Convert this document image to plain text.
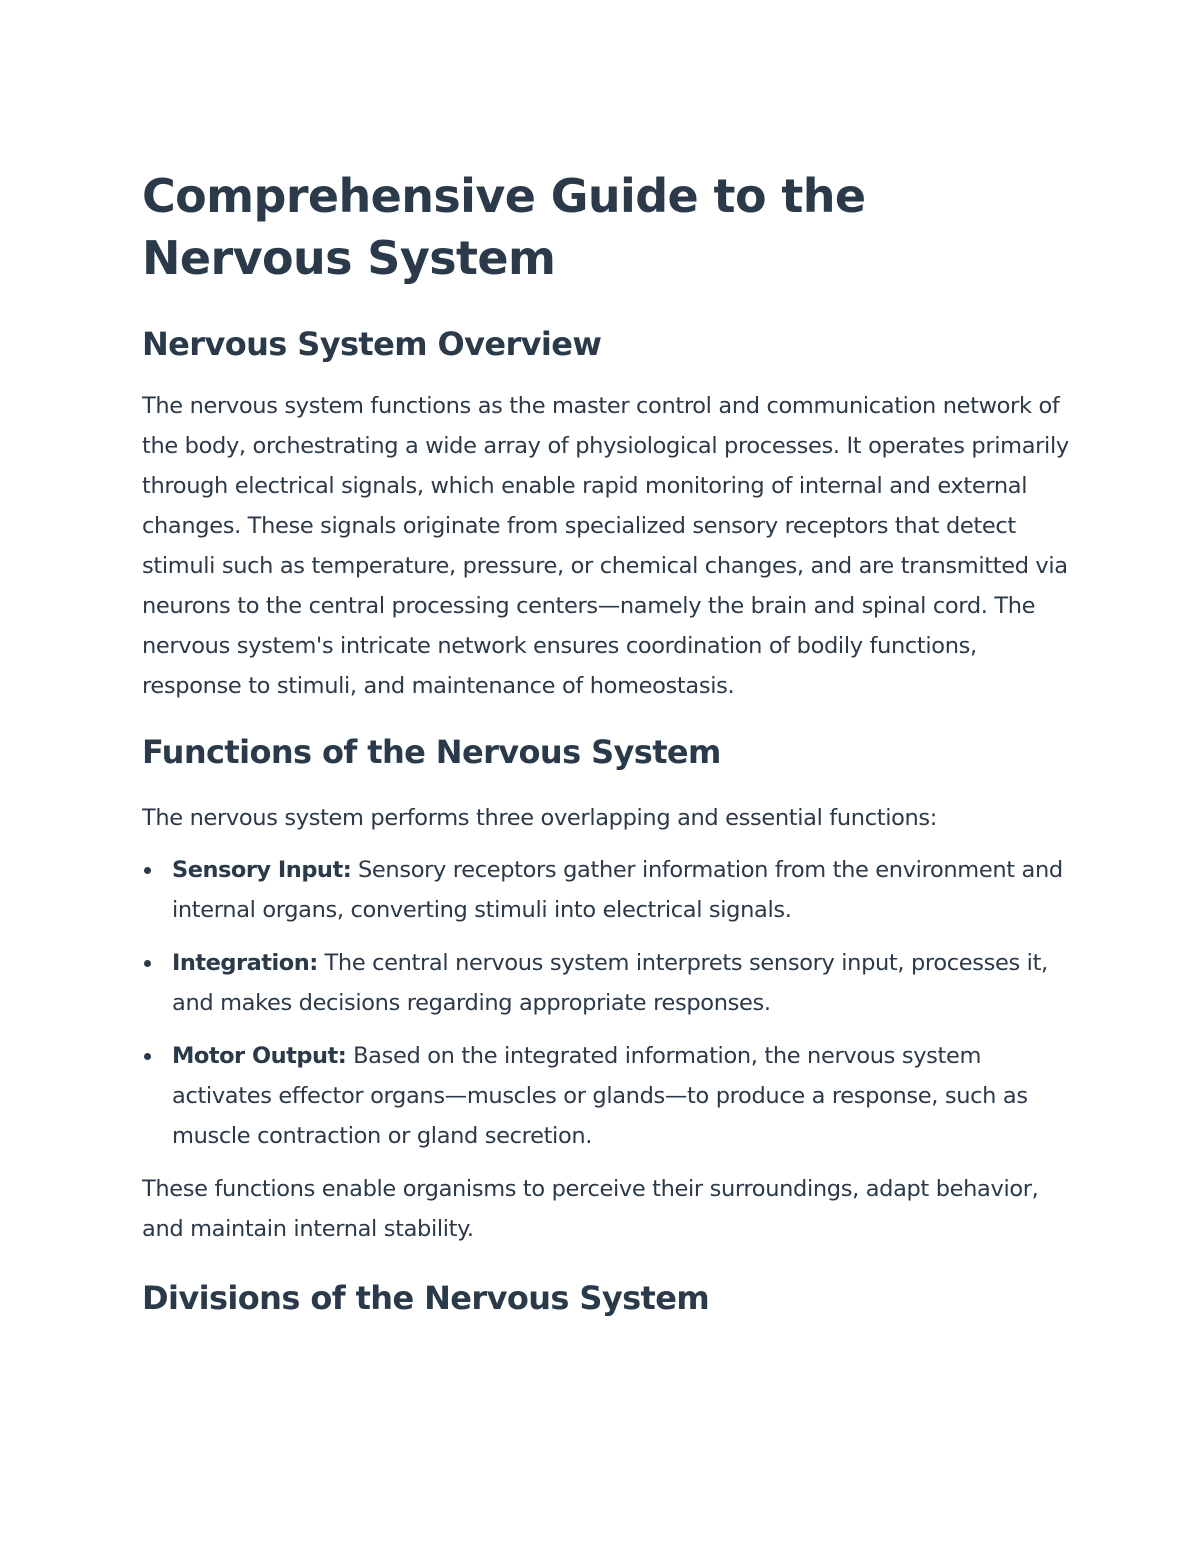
Comprehensive Guide to the Nervous System
Nervous System Overview

The nervous system functions as the master control and communication network of the body, orchestrating a wide array of physiological processes. It operates primarily through electrical signals, which enable rapid monitoring of internal and external changes. These signals originate from specialized sensory receptors that detect stimuli such as temperature, pressure, or chemical changes, and are transmitted via neurons to the central processing centers—namely the brain and spinal cord. The nervous system's intricate network ensures coordination of bodily functions, response to stimuli, and maintenance of homeostasis.

Functions of the Nervous System

The nervous system performs three overlapping and essential functions:

Sensory Input: Sensory receptors gather information from the environment and internal organs, converting stimuli into electrical signals.
Integration: The central nervous system interprets sensory input, processes it, and makes decisions regarding appropriate responses.
Motor Output: Based on the integrated information, the nervous system activates effector organs—muscles or glands—to produce a response, such as muscle contraction or gland secretion.

These functions enable organisms to perceive their surroundings, adapt behavior, and maintain internal stability.

Divisions of the Nervous System
